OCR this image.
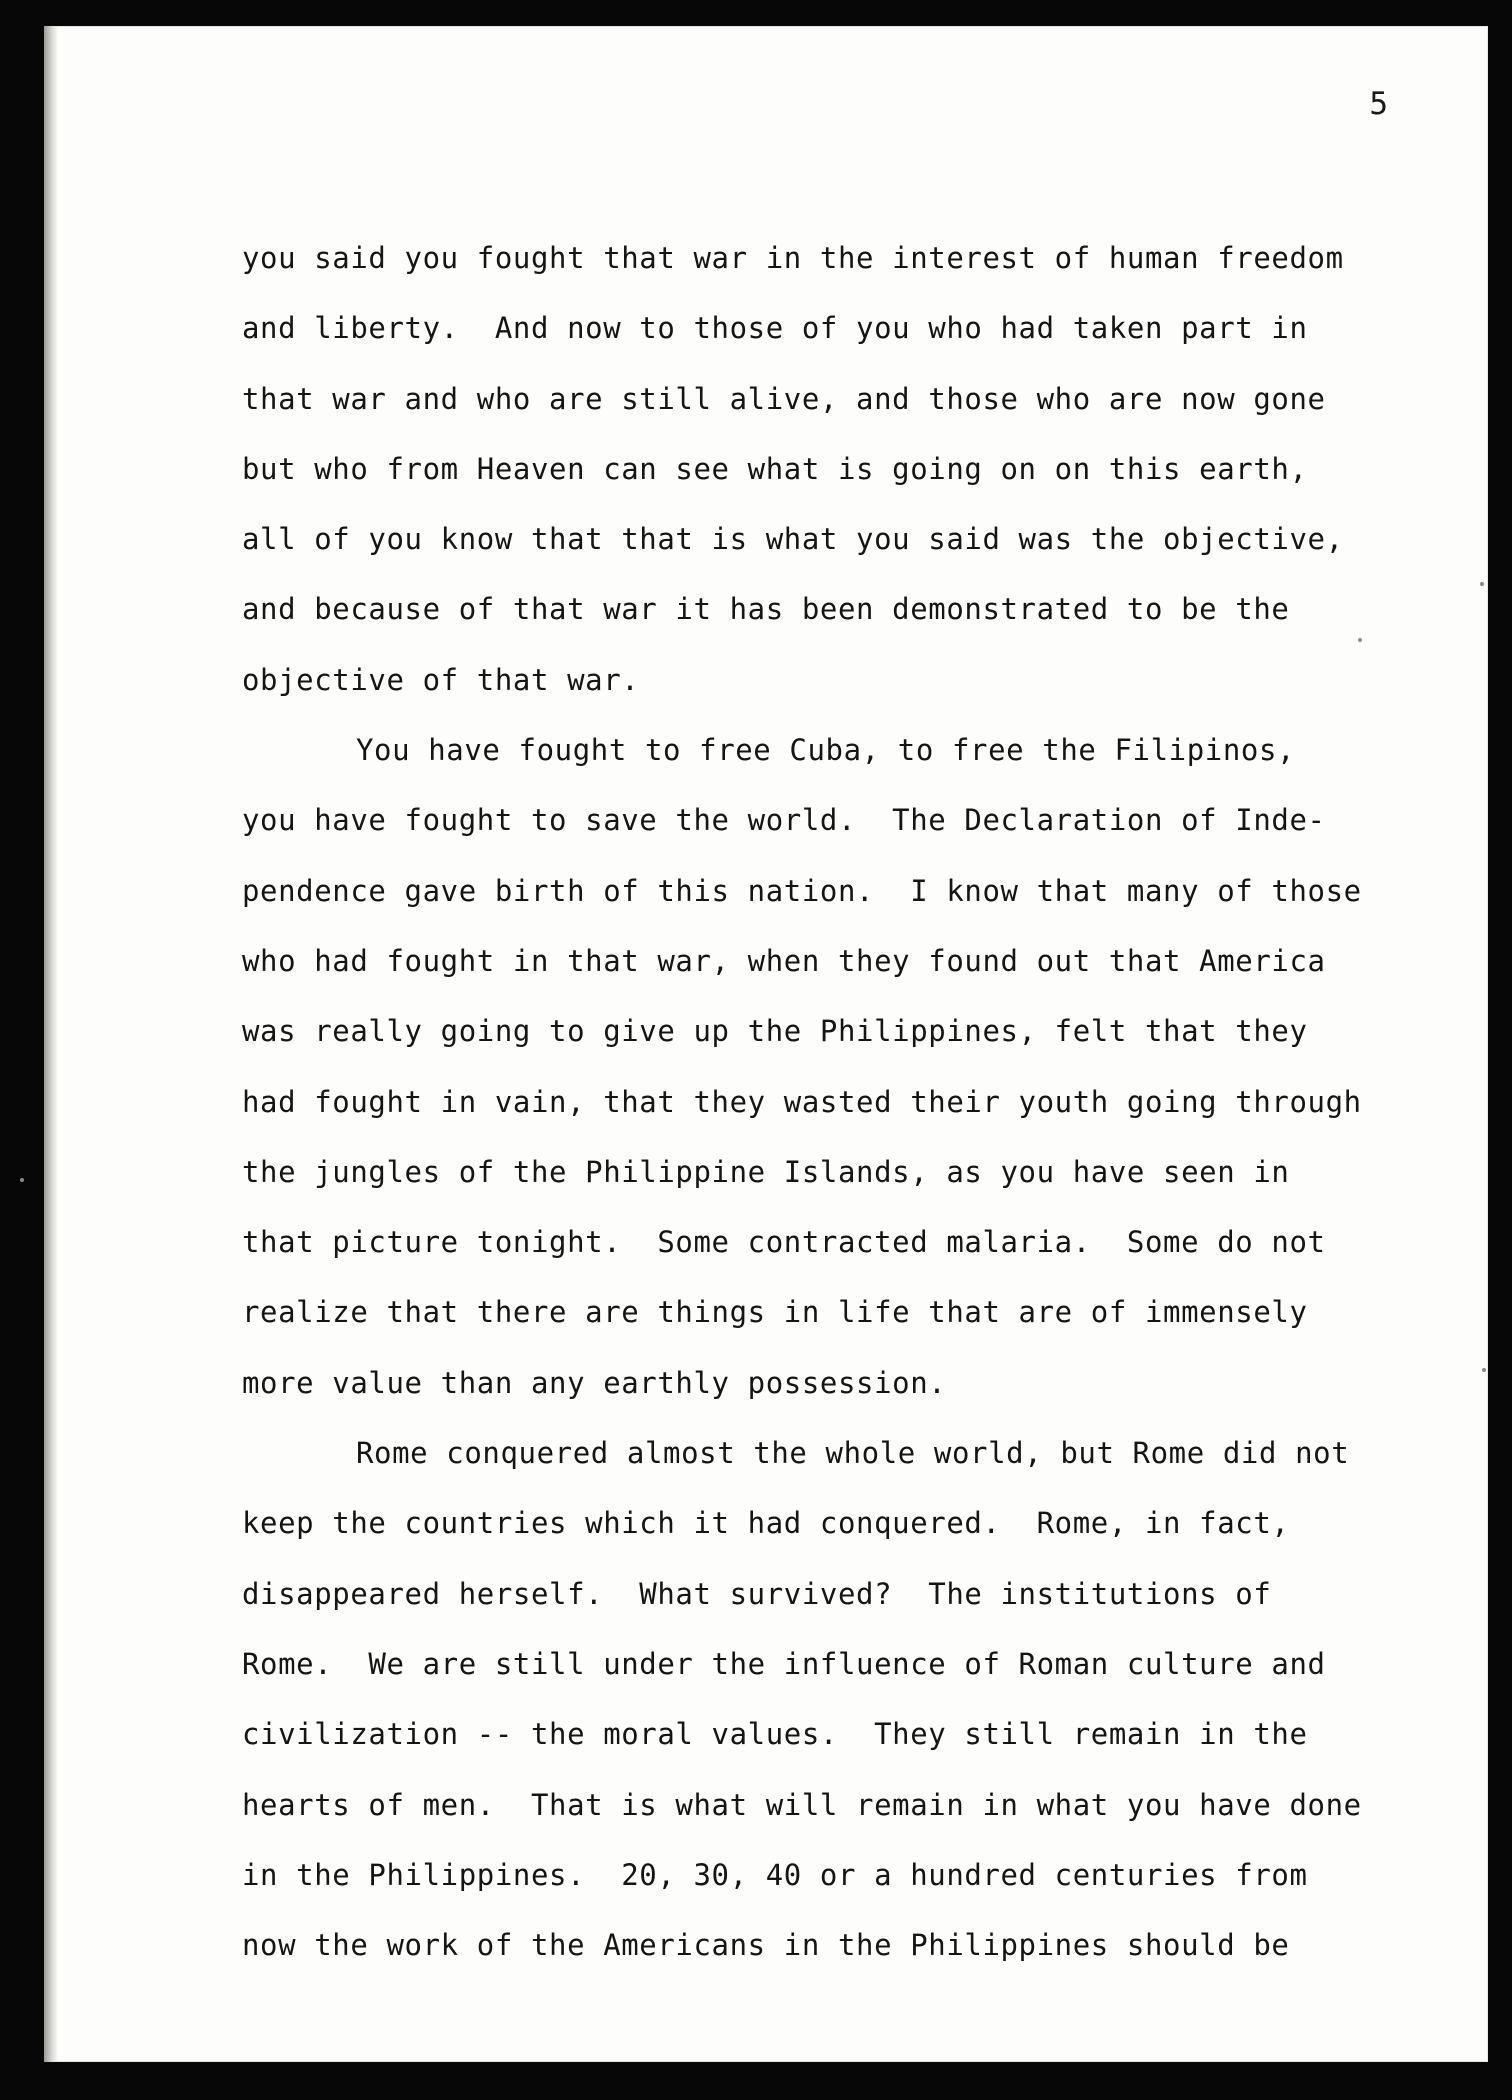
5

you said you fought that war in the interest of human freedom

and liberty.  And now to those of you who had taken part in

that war and who are still alive, and those who are now gone

but who from Heaven can see what is going on on this earth,

all of you know that that is what you said was the objective,

and because of that war it has been demonstrated to be the

objective of that war.

You have fought to free Cuba, to free the Filipinos,

you have fought to save the world.  The Declaration of Inde-

pendence gave birth of this nation.  I know that many of those

who had fought in that war, when they found out that America

was really going to give up the Philippines, felt that they

had fought in vain, that they wasted their youth going through

the jungles of the Philippine Islands, as you have seen in

that picture tonight.  Some contracted malaria.  Some do not

realize that there are things in life that are of immensely

more value than any earthly possession.

Rome conquered almost the whole world, but Rome did not

keep the countries which it had conquered.  Rome, in fact,

disappeared herself.  What survived?  The institutions of

Rome.  We are still under the influence of Roman culture and

civilization -- the moral values.  They still remain in the

hearts of men.  That is what will remain in what you have done

in the Philippines.  20, 30, 40 or a hundred centuries from

now the work of the Americans in the Philippines should be
